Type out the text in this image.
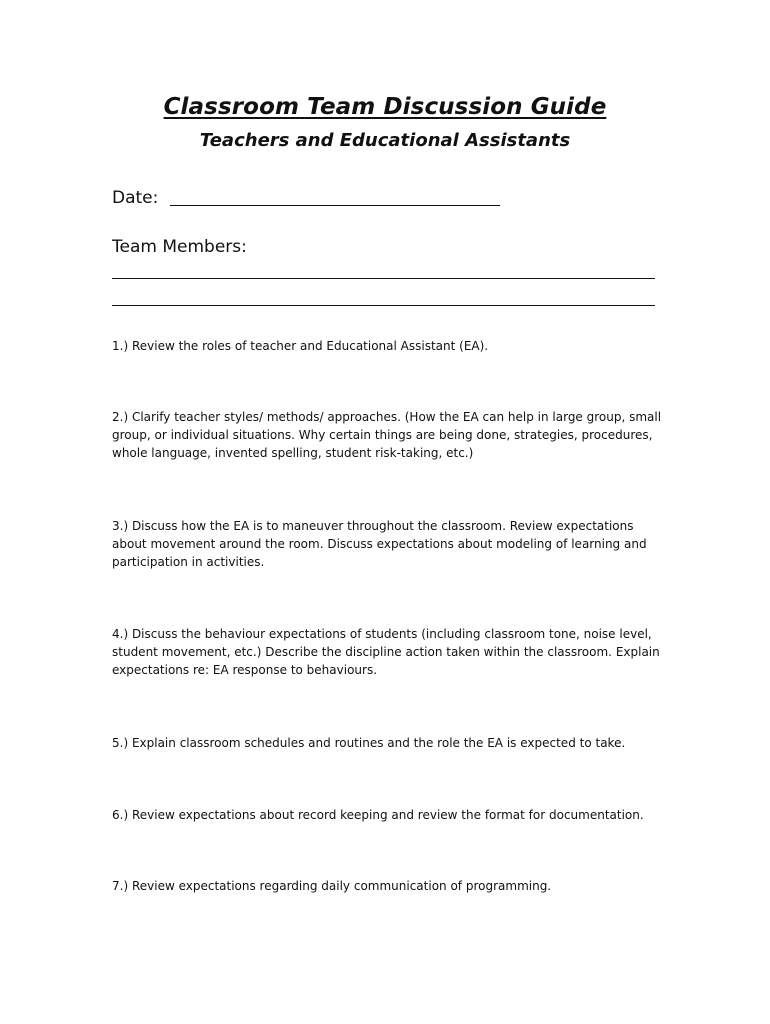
Classroom Team Discussion Guide
Teachers and Educational Assistants
Date:
Team Members:
1.) Review the roles of teacher and Educational Assistant (EA).
2.) Clarify teacher styles/ methods/ approaches. (How the EA can help in large group, small
group, or individual situations. Why certain things are being done, strategies, procedures,
whole language, invented spelling, student risk-taking, etc.)
3.) Discuss how the EA is to maneuver throughout the classroom. Review expectations
about movement around the room. Discuss expectations about modeling of learning and
participation in activities.
4.) Discuss the behaviour expectations of students (including classroom tone, noise level,
student movement, etc.) Describe the discipline action taken within the classroom. Explain
expectations re: EA response to behaviours.
5.) Explain classroom schedules and routines and the role the EA is expected to take.
6.) Review expectations about record keeping and review the format for documentation.
7.) Review expectations regarding daily communication of programming.
